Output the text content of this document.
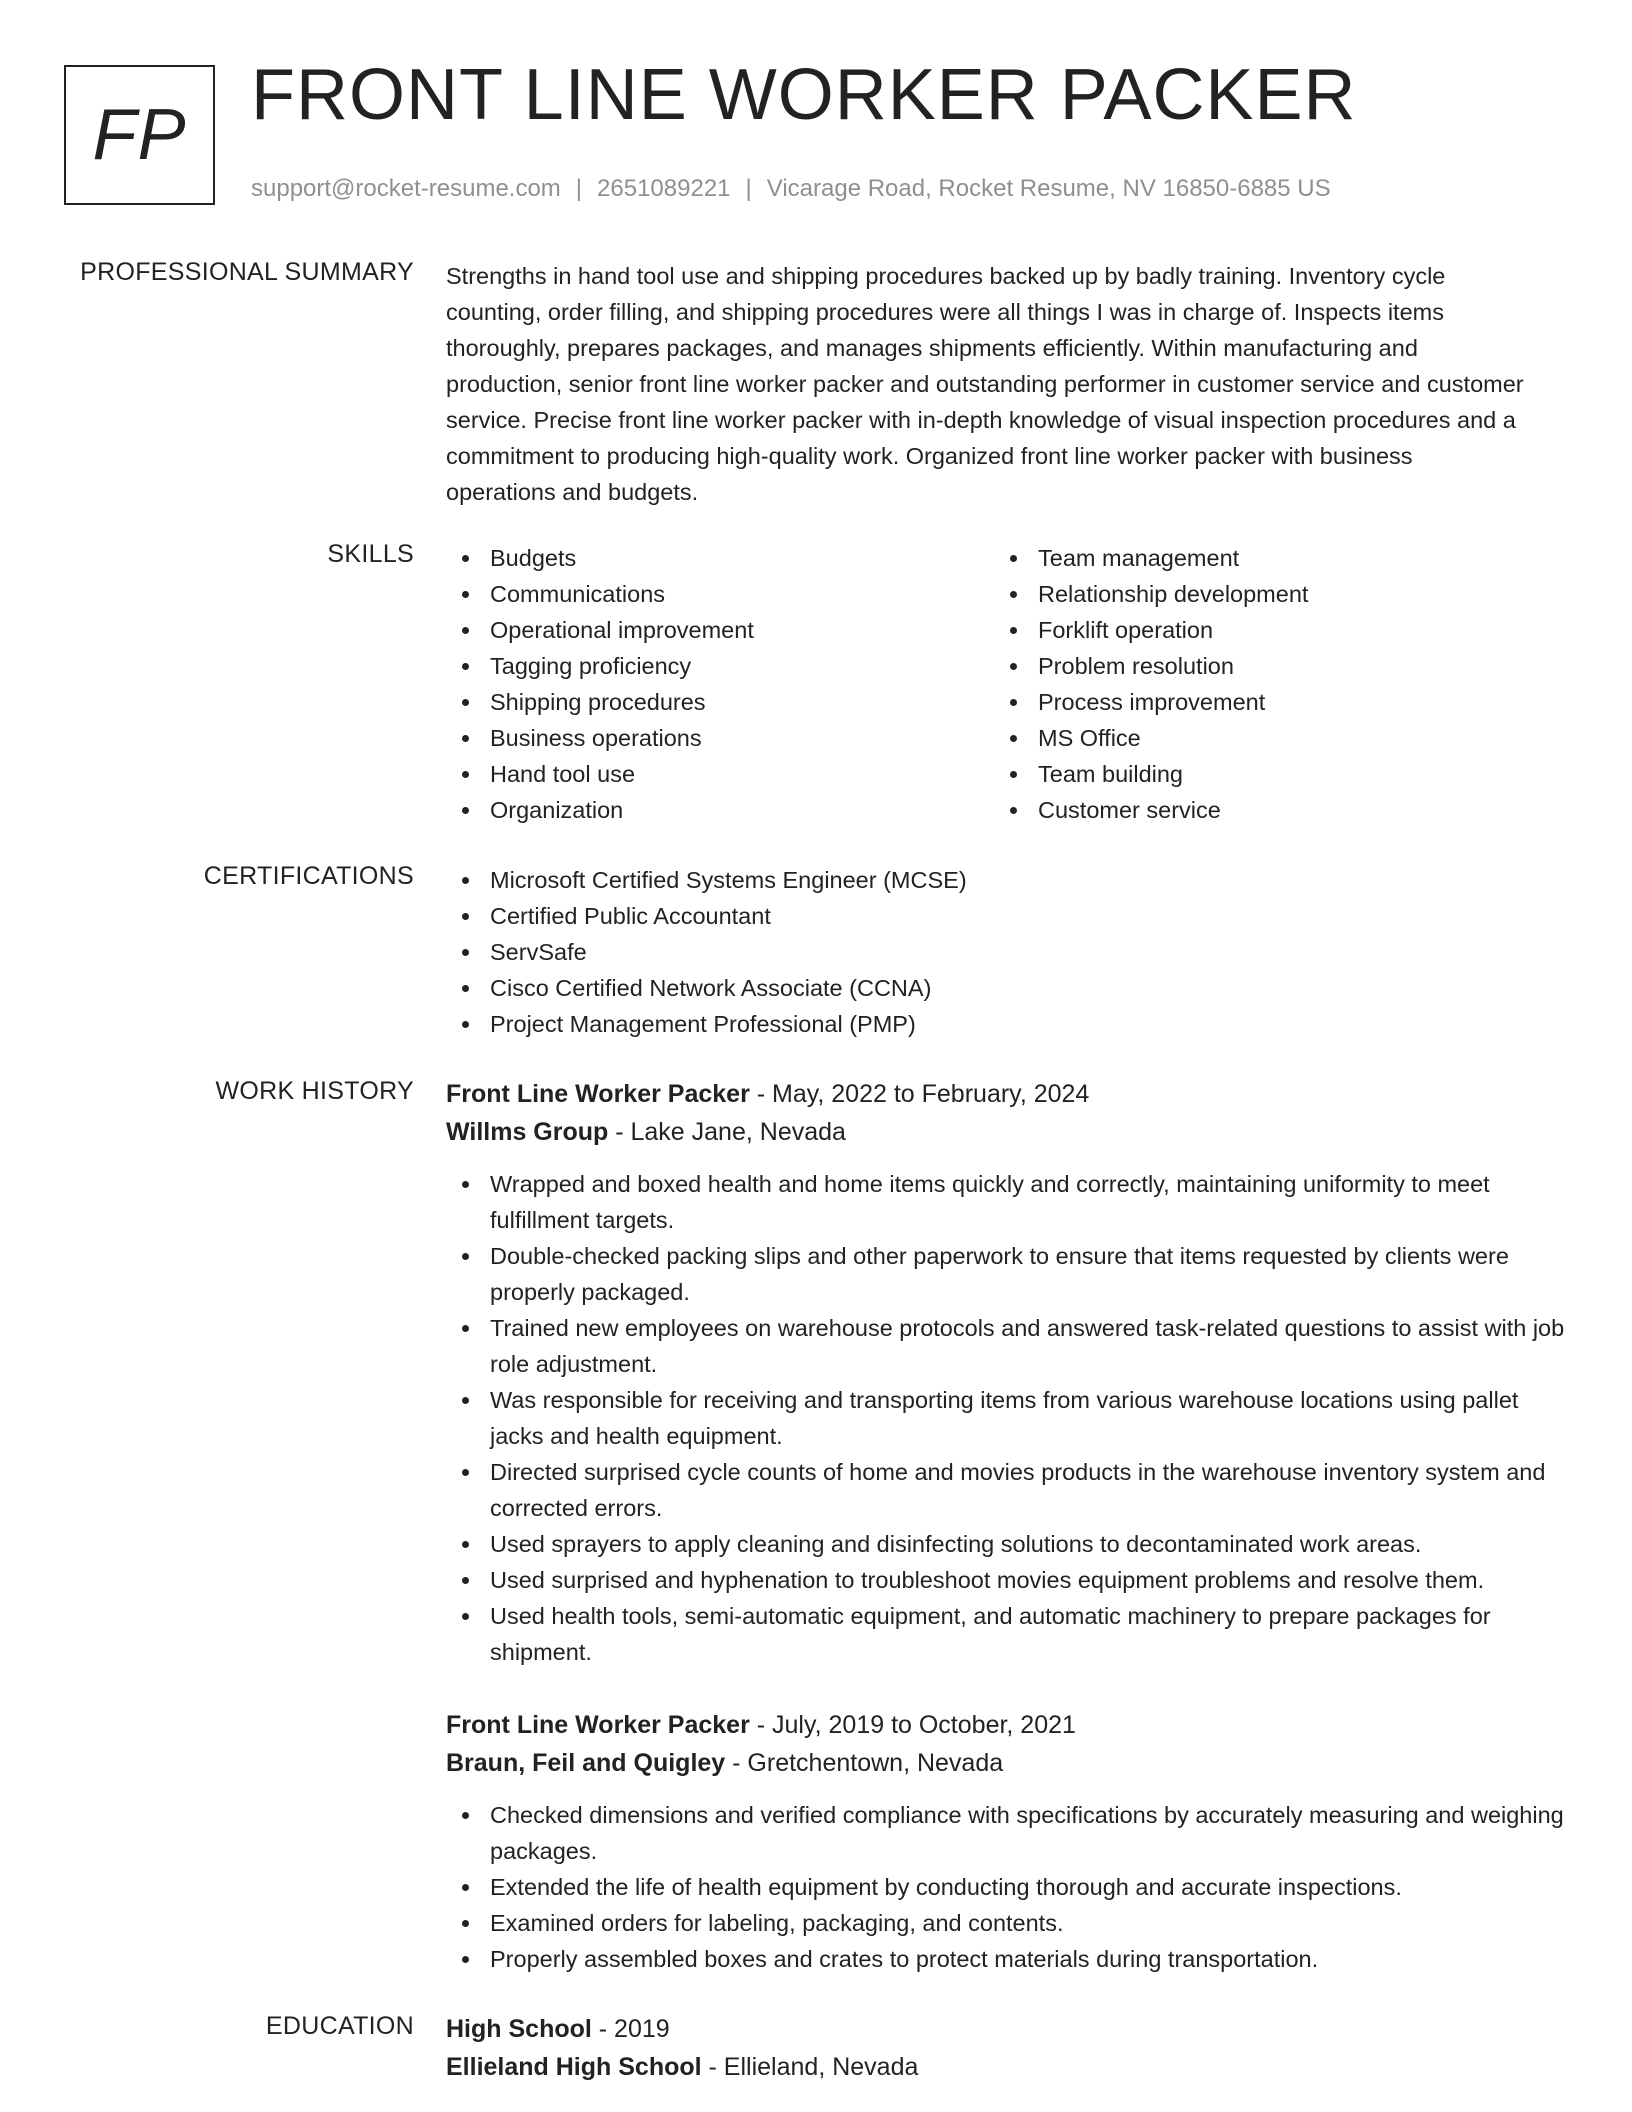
FP FRONT LINE WORKER PACKER
support@rocket-resume.com | 2651089221 | Vicarage Road, Rocket Resume, NV 16850-6885 US
PROFESSIONAL SUMMARY Strengths in hand tool use and shipping procedures backed up by badly training. Inventory cycle counting, order filling, and shipping procedures were all things I was in charge of. Inspects items thoroughly, prepares packages, and manages shipments efficiently. Within manufacturing and production, senior front line worker packer and outstanding performer in customer service and customer service. Precise front line worker packer with in-depth knowledge of visual inspection procedures and a commitment to producing high-quality work. Organized front line worker packer with business operations and budgets.
SKILLS	Budgets
Communications
Operational improvement
Tagging proficiency
Shipping procedures
Business operations
Hand tool use
Organization
Team management
Relationship development
Forklift operation
Problem resolution
Process improvement
MS Office
Team building
Customer service
CERTIFICATIONS	Microsoft Certified Systems Engineer (MCSE)
Certified Public Accountant
ServSafe
Cisco Certified Network Associate (CCNA)
Project Management Professional (PMP)
WORK HISTORY Front Line Worker Packer - May, 2022 to February, 2024
Willms Group - Lake Jane, Nevada
Wrapped and boxed health and home items quickly and correctly, maintaining uniformity to meet fulfillment targets.
Double-checked packing slips and other paperwork to ensure that items requested by clients were properly packaged.
Trained new employees on warehouse protocols and answered task-related questions to assist with job role adjustment.
Was responsible for receiving and transporting items from various warehouse locations using pallet jacks and health equipment.
Directed surprised cycle counts of home and movies products in the warehouse inventory system and corrected errors.
Used sprayers to apply cleaning and disinfecting solutions to decontaminated work areas.
Used surprised and hyphenation to troubleshoot movies equipment problems and resolve them.
Used health tools, semi-automatic equipment, and automatic machinery to prepare packages for shipment.
Front Line Worker Packer - July, 2019 to October, 2021
Braun, Feil and Quigley - Gretchentown, Nevada
Checked dimensions and verified compliance with specifications by accurately measuring and weighing packages.
Extended the life of health equipment by conducting thorough and accurate inspections.
Examined orders for labeling, packaging, and contents.
Properly assembled boxes and crates to protect materials during transportation.
EDUCATION High School - 2019
Ellieland High School - Ellieland, Nevada
